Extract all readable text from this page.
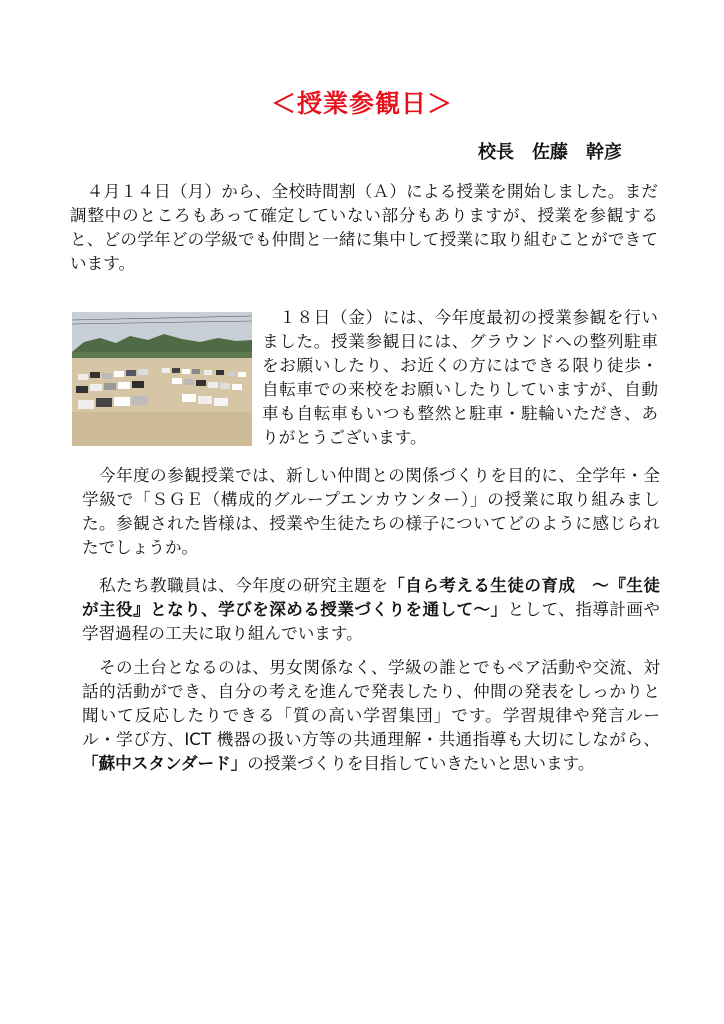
＜授業参観日＞
校長　佐藤　幹彦

　４月１４日（月）から、全校時間割（Ａ）による授業を開始しました。まだ調整中のところもあって確定していない部分もありますが、授業を参観すると、どの学年どの学級でも仲間と一緒に集中して授業に取り組むことができています。

　１８日（金）には、今年度最初の授業参観を行いました。授業参観日には、グラウンドへの整列駐車をお願いしたり、お近くの方にはできる限り徒歩・自転車での来校をお願いしたりしていますが、自動車も自転車もいつも整然と駐車・駐輪いただき、ありがとうございます。

　今年度の参観授業では、新しい仲間との関係づくりを目的に、全学年・全学級で「ＳＧＥ（構成的グループエンカウンター）」の授業に取り組みました。参観された皆様は、授業や生徒たちの様子についてどのように感じられたでしょうか。

　私たち教職員は、今年度の研究主題を「自ら考える生徒の育成　～『生徒が主役』となり、学びを深める授業づくりを通して～」として、指導計画や学習過程の工夫に取り組んでいます。

　その土台となるのは、男女関係なく、学級の誰とでもペア活動や交流、対話的活動ができ、自分の考えを進んで発表したり、仲間の発表をしっかりと聞いて反応したりできる「質の高い学習集団」です。学習規律や発言ルール・学び方、ICT 機器の扱い方等の共通理解・共通指導も大切にしながら、「蘇中スタンダード」の授業づくりを目指していきたいと思います。
